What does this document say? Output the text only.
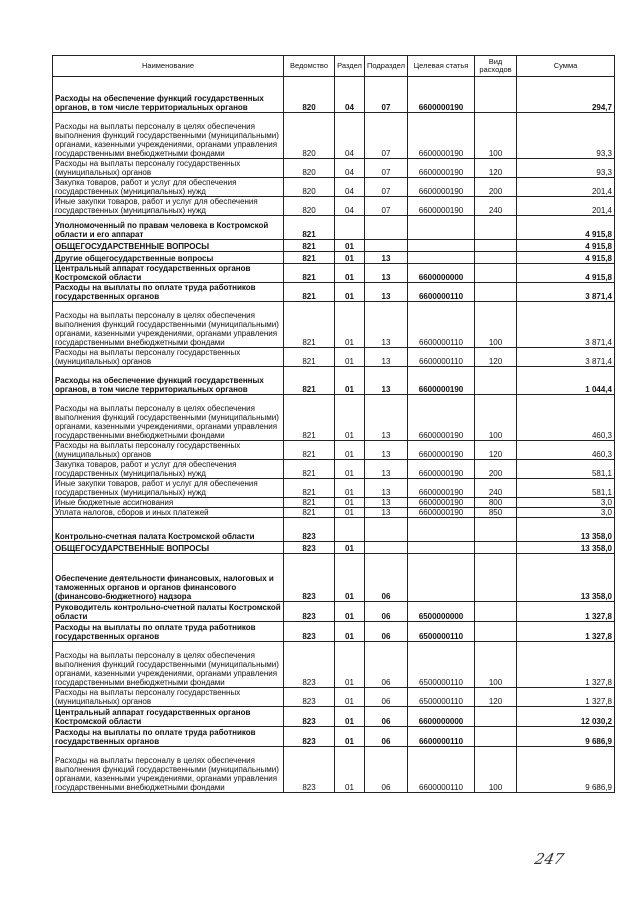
Наименование	Ведомство	Раздел	Подраздел	Целевая статья	Вид расходов	Сумма
Расходы на обеспечение функций государственных органов, в том числе территориальных органов	820	04	07	6600000190		294,7
Расходы на выплаты персоналу в целях обеспечения выполнения функций государственными (муниципальными) органами, казенными учреждениями, органами управления государственными внебюджетными фондами	820	04	07	6600000190	100	93,3
Расходы на выплаты персоналу государственных (муниципальных) органов	820	04	07	6600000190	120	93,3
Закупка товаров, работ и услуг для обеспечения государственных (муниципальных) нужд	820	04	07	6600000190	200	201,4
Иные закупки товаров, работ и услуг для обеспечения государственных (муниципальных) нужд	820	04	07	6600000190	240	201,4
Уполномоченный по правам человека в Костромской области и его аппарат	821					4 915,8
ОБЩЕГОСУДАРСТВЕННЫЕ ВОПРОСЫ	821	01				4 915,8
Другие общегосударственные вопросы	821	01	13			4 915,8
Центральный аппарат государственных органов Костромской области	821	01	13	6600000000		4 915,8
Расходы на выплаты по оплате труда работников государственных органов	821	01	13	6600000110		3 871,4
Расходы на выплаты персоналу в целях обеспечения выполнения функций государственными (муниципальными) органами, казенными учреждениями, органами управления государственными внебюджетными фондами	821	01	13	6600000110	100	3 871,4
Расходы на выплаты персоналу государственных (муниципальных) органов	821	01	13	6600000110	120	3 871,4
Расходы на обеспечение функций государственных органов, в том числе территориальных органов	821	01	13	6600000190		1 044,4
Расходы на выплаты персоналу в целях обеспечения выполнения функций государственными (муниципальными) органами, казенными учреждениями, органами управления государственными внебюджетными фондами	821	01	13	6600000190	100	460,3
Расходы на выплаты персоналу государственных (муниципальных) органов	821	01	13	6600000190	120	460,3
Закупка товаров, работ и услуг для обеспечения государственных (муниципальных) нужд	821	01	13	6600000190	200	581,1
Иные закупки товаров, работ и услуг для обеспечения государственных (муниципальных) нужд	821	01	13	6600000190	240	581,1
Иные бюджетные ассигнования	821	01	13	6600000190	800	3,0
Уплата налогов, сборов и иных платежей	821	01	13	6600000190	850	3,0
Контрольно-счетная палата Костромской области	823					13 358,0
ОБЩЕГОСУДАРСТВЕННЫЕ ВОПРОСЫ	823	01				13 358,0
Обеспечение деятельности финансовых, налоговых и таможенных органов и органов финансового (финансово-бюджетного) надзора	823	01	06			13 358,0
Руководитель контрольно-счетной палаты Костромской области	823	01	06	6500000000		1 327,8
Расходы на выплаты по оплате труда работников государственных органов	823	01	06	6500000110		1 327,8
Расходы на выплаты персоналу в целях обеспечения выполнения функций государственными (муниципальными) органами, казенными учреждениями, органами управления государственными внебюджетными фондами	823	01	06	6500000110	100	1 327,8
Расходы на выплаты персоналу государственных (муниципальных) органов	823	01	06	6500000110	120	1 327,8
Центральный аппарат государственных органов Костромской области	823	01	06	6600000000		12 030,2
Расходы на выплаты по оплате труда работников государственных органов	823	01	06	6600000110		9 686,9
Расходы на выплаты персоналу в целях обеспечения выполнения функций государственными (муниципальными) органами, казенными учреждениями, органами управления государственными внебюджетными фондами	823	01	06	6600000110	100	9 686,9
247
